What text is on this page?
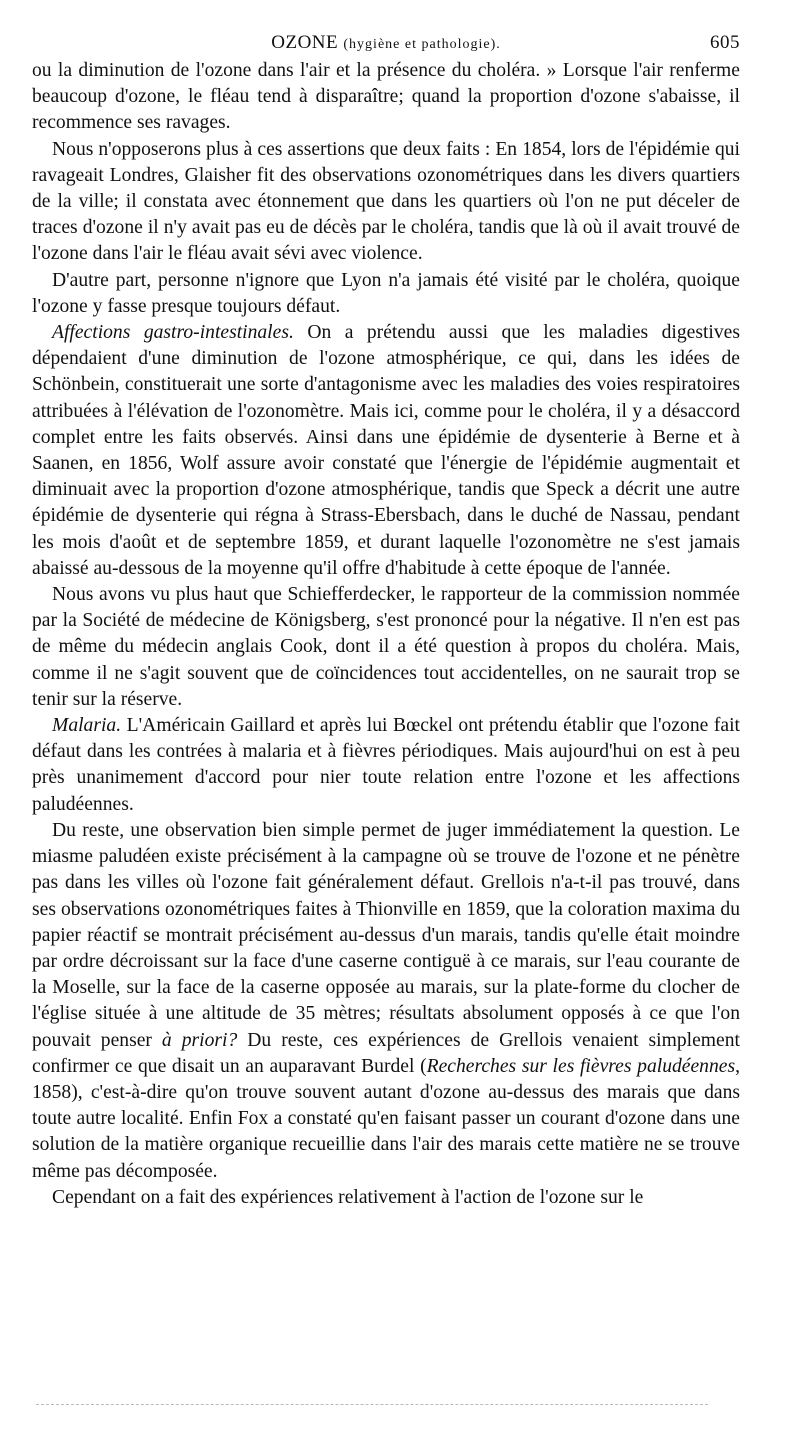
OZONE (hygiène et pathologie).	605

ou la diminution de l'ozone dans l'air et la présence du choléra. » Lorsque l'air renferme beaucoup d'ozone, le fléau tend à disparaître; quand la proportion d'ozone s'abaisse, il recommence ses ravages.

Nous n'opposerons plus à ces assertions que deux faits : En 1854, lors de l'épidémie qui ravageait Londres, Glaisher fit des observations ozonométriques dans les divers quartiers de la ville; il constata avec étonnement que dans les quartiers où l'on ne put déceler de traces d'ozone il n'y avait pas eu de décès par le choléra, tandis que là où il avait trouvé de l'ozone dans l'air le fléau avait sévi avec violence.

D'autre part, personne n'ignore que Lyon n'a jamais été visité par le choléra, quoique l'ozone y fasse presque toujours défaut.

Affections gastro-intestinales. On a prétendu aussi que les maladies digestives dépendaient d'une diminution de l'ozone atmosphérique, ce qui, dans les idées de Schönbein, constituerait une sorte d'antagonisme avec les maladies des voies respiratoires attribuées à l'élévation de l'ozonomètre. Mais ici, comme pour le choléra, il y a désaccord complet entre les faits observés. Ainsi dans une épidémie de dysenterie à Berne et à Saanen, en 1856, Wolf assure avoir constaté que l'énergie de l'épidémie augmentait et diminuait avec la proportion d'ozone atmosphérique, tandis que Speck a décrit une autre épidémie de dysenterie qui régna à Strass-Ebersbach, dans le duché de Nassau, pendant les mois d'août et de septembre 1859, et durant laquelle l'ozonomètre ne s'est jamais abaissé au-dessous de la moyenne qu'il offre d'habitude à cette époque de l'année.

Nous avons vu plus haut que Schiefferdecker, le rapporteur de la commission nommée par la Société de médecine de Königsberg, s'est prononcé pour la négative. Il n'en est pas de même du médecin anglais Cook, dont il a été question à propos du choléra. Mais, comme il ne s'agit souvent que de coïncidences tout accidentelles, on ne saurait trop se tenir sur la réserve.

Malaria. L'Américain Gaillard et après lui Bœckel ont prétendu établir que l'ozone fait défaut dans les contrées à malaria et à fièvres périodiques. Mais aujourd'hui on est à peu près unanimement d'accord pour nier toute relation entre l'ozone et les affections paludéennes.

Du reste, une observation bien simple permet de juger immédiatement la question. Le miasme paludéen existe précisément à la campagne où se trouve de l'ozone et ne pénètre pas dans les villes où l'ozone fait généralement défaut. Grellois n'a-t-il pas trouvé, dans ses observations ozonométriques faites à Thionville en 1859, que la coloration maxima du papier réactif se montrait précisément au-dessus d'un marais, tandis qu'elle était moindre par ordre décroissant sur la face d'une caserne contiguë à ce marais, sur l'eau courante de la Moselle, sur la face de la caserne opposée au marais, sur la plate-forme du clocher de l'église située à une altitude de 35 mètres; résultats absolument opposés à ce que l'on pouvait penser à priori? Du reste, ces expériences de Grellois venaient simplement confirmer ce que disait un an auparavant Burdel (Recherches sur les fièvres paludéennes, 1858), c'est-à-dire qu'on trouve souvent autant d'ozone au-dessus des marais que dans toute autre localité. Enfin Fox a constaté qu'en faisant passer un courant d'ozone dans une solution de la matière organique recueillie dans l'air des marais cette matière ne se trouve même pas décomposée.

Cependant on a fait des expériences relativement à l'action de l'ozone sur le
